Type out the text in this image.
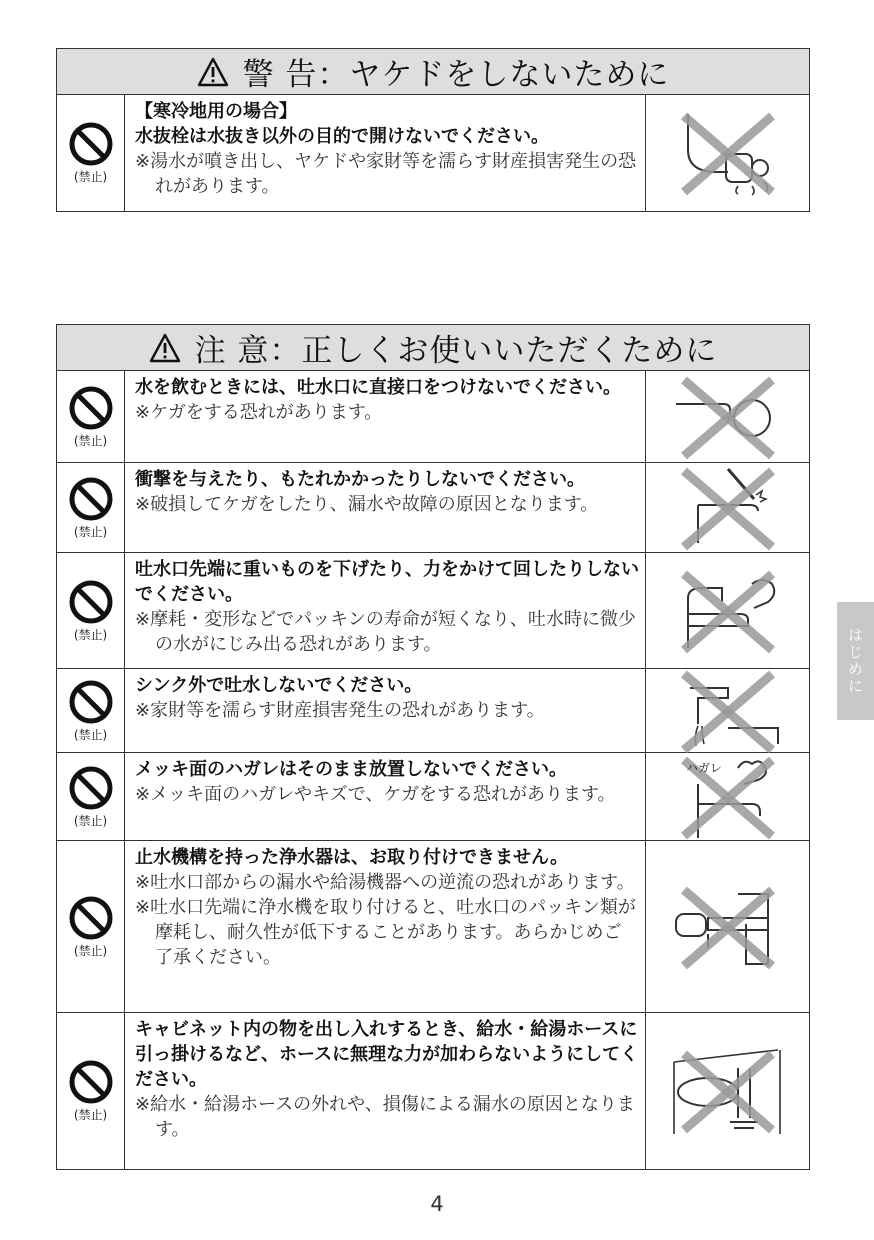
警 告：ヤケドをしないために
(禁止)
【寒冷地用の場合】
水抜栓は水抜き以外の目的で開けないでください。
※湯水が噴き出し、ヤケドや家財等を濡らす財産損害発生の恐れがあります。
注 意：正しくお使いいただくために
(禁止)
水を飲むときには、吐水口に直接口をつけないでください。
※ケガをする恐れがあります。
(禁止)
衝撃を与えたり、もたれかかったりしないでください。
※破損してケガをしたり、漏水や故障の原因となります。
(禁止)
吐水口先端に重いものを下げたり、力をかけて回したりしないでください。
※摩耗・変形などでパッキンの寿命が短くなり、吐水時に微少の水がにじみ出る恐れがあります。
(禁止)
シンク外で吐水しないでください。
※家財等を濡らす財産損害発生の恐れがあります。
(禁止)
メッキ面のハガレはそのまま放置しないでください。
※メッキ面のハガレやキズで、ケガをする恐れがあります。
ハガレ
(禁止)
止水機構を持った浄水器は、お取り付けできません。
※吐水口部からの漏水や給湯機器への逆流の恐れがあります。
※吐水口先端に浄水機を取り付けると、吐水口のパッキン類が摩耗し、耐久性が低下することがあります。あらかじめご了承ください。
(禁止)
キャビネット内の物を出し入れするとき、給水・給湯ホースに引っ掛けるなど、ホースに無理な力が加わらないようにしてください。
※給水・給湯ホースの外れや、損傷による漏水の原因となります。
はじめに
4
